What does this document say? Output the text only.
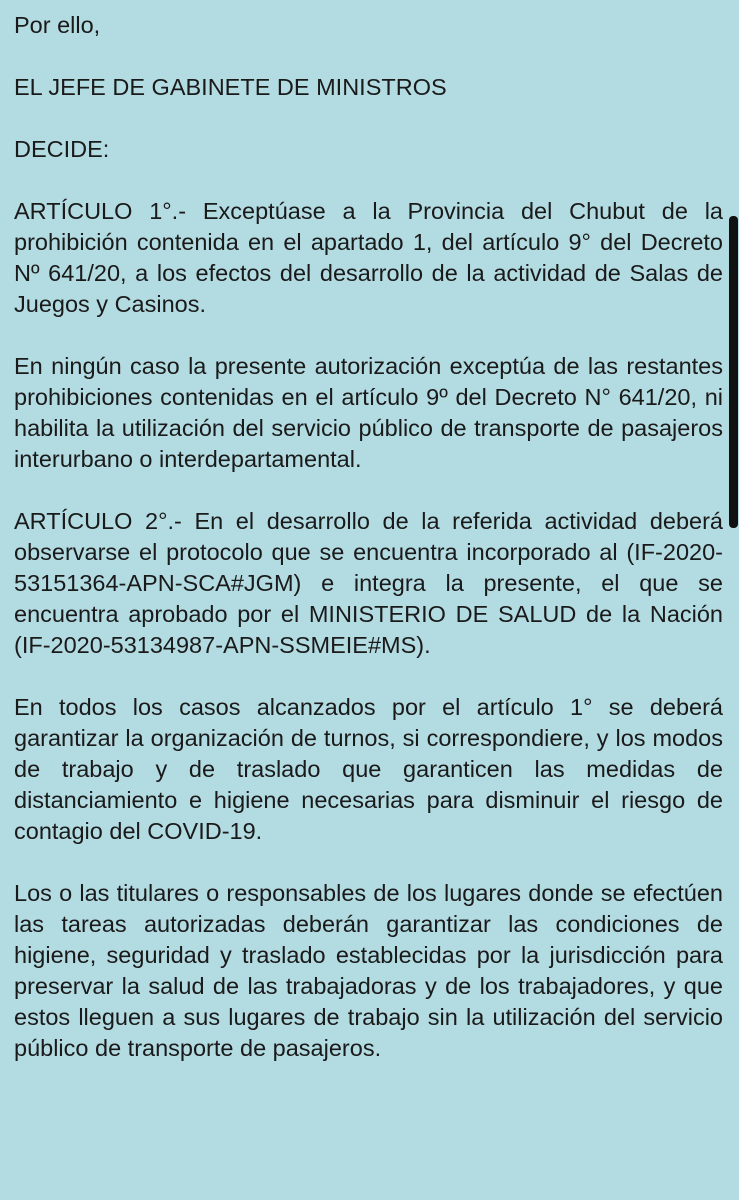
Por ello,

EL JEFE DE GABINETE DE MINISTROS

DECIDE:

ARTÍCULO 1°.- Exceptúase a la Provincia del Chubut de la prohibición contenida en el apartado 1, del artículo 9° del Decreto Nº 641/20, a los efectos del desarrollo de la actividad de Salas de Juegos y Casinos.

En ningún caso la presente autorización exceptúa de las restantes prohibiciones contenidas en el artículo 9º del Decreto N° 641/20, ni habilita la utilización del servicio público de transporte de pasajeros interurbano o interdepartamental.

ARTÍCULO 2°.- En el desarrollo de la referida actividad deberá observarse el protocolo que se encuentra incorporado al (IF-2020-53151364-APN-SCA#JGM) e integra la presente, el que se encuentra aprobado por el MINISTERIO DE SALUD de la Nación (IF-2020-53134987-APN-SSMEIE#MS).

En todos los casos alcanzados por el artículo 1° se deberá garantizar la organización de turnos, si correspondiere, y los modos de trabajo y de traslado que garanticen las medidas de distanciamiento e higiene necesarias para disminuir el riesgo de contagio del COVID-19.

Los o las titulares o responsables de los lugares donde se efectúen las tareas autorizadas deberán garantizar las condiciones de higiene, seguridad y traslado establecidas por la jurisdicción para preservar la salud de las trabajadoras y de los trabajadores, y que estos lleguen a sus lugares de trabajo sin la utilización del servicio público de transporte de pasajeros.
